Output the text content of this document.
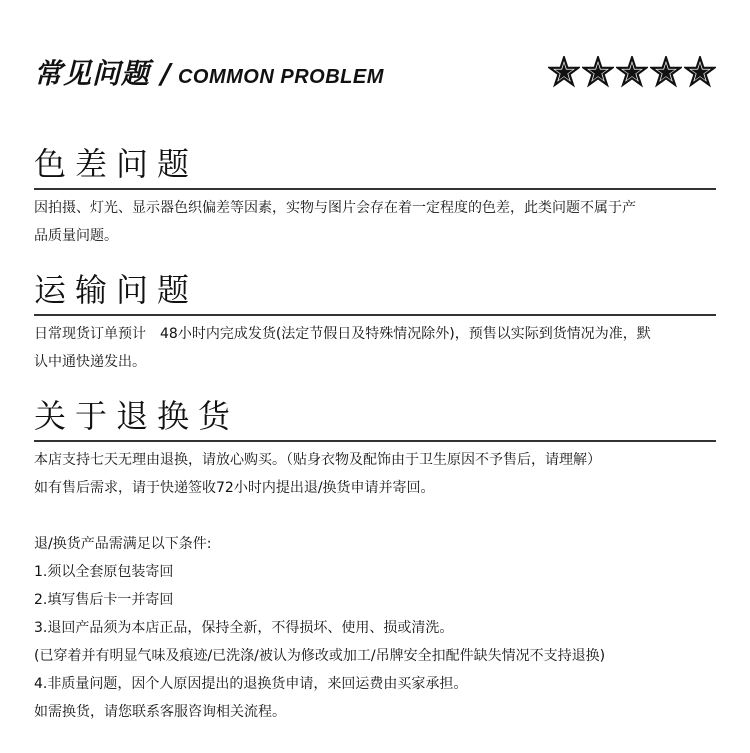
常见问题 / COMMON PROBLEM
色差问题

因拍摄、灯光、显示器色织偏差等因素，实物与图片会存在着一定程度的色差，此类问题不属于产

品质量问题。

运输问题

日常现货订单预计　48小时内完成发货(法定节假日及特殊情况除外)，预售以实际到货情况为准，默

认中通快递发出。

关于退换货

本店支持七天无理由退换，请放心购买。（贴身衣物及配饰由于卫生原因不予售后，请理解）

如有售后需求，请于快递签收72小时内提出退/换货申请并寄回。

退/换货产品需满足以下条件:

1.须以全套原包装寄回

2.填写售后卡一并寄回

3.退回产品须为本店正品，保持全新，不得损坏、使用、损或清洗。

(已穿着并有明显气味及痕迹/已洗涤/被认为修改或加工/吊牌安全扣配件缺失情况不支持退换)

4.非质量问题，因个人原因提出的退换货申请，来回运费由买家承担。

如需换货，请您联系客服咨询相关流程。
